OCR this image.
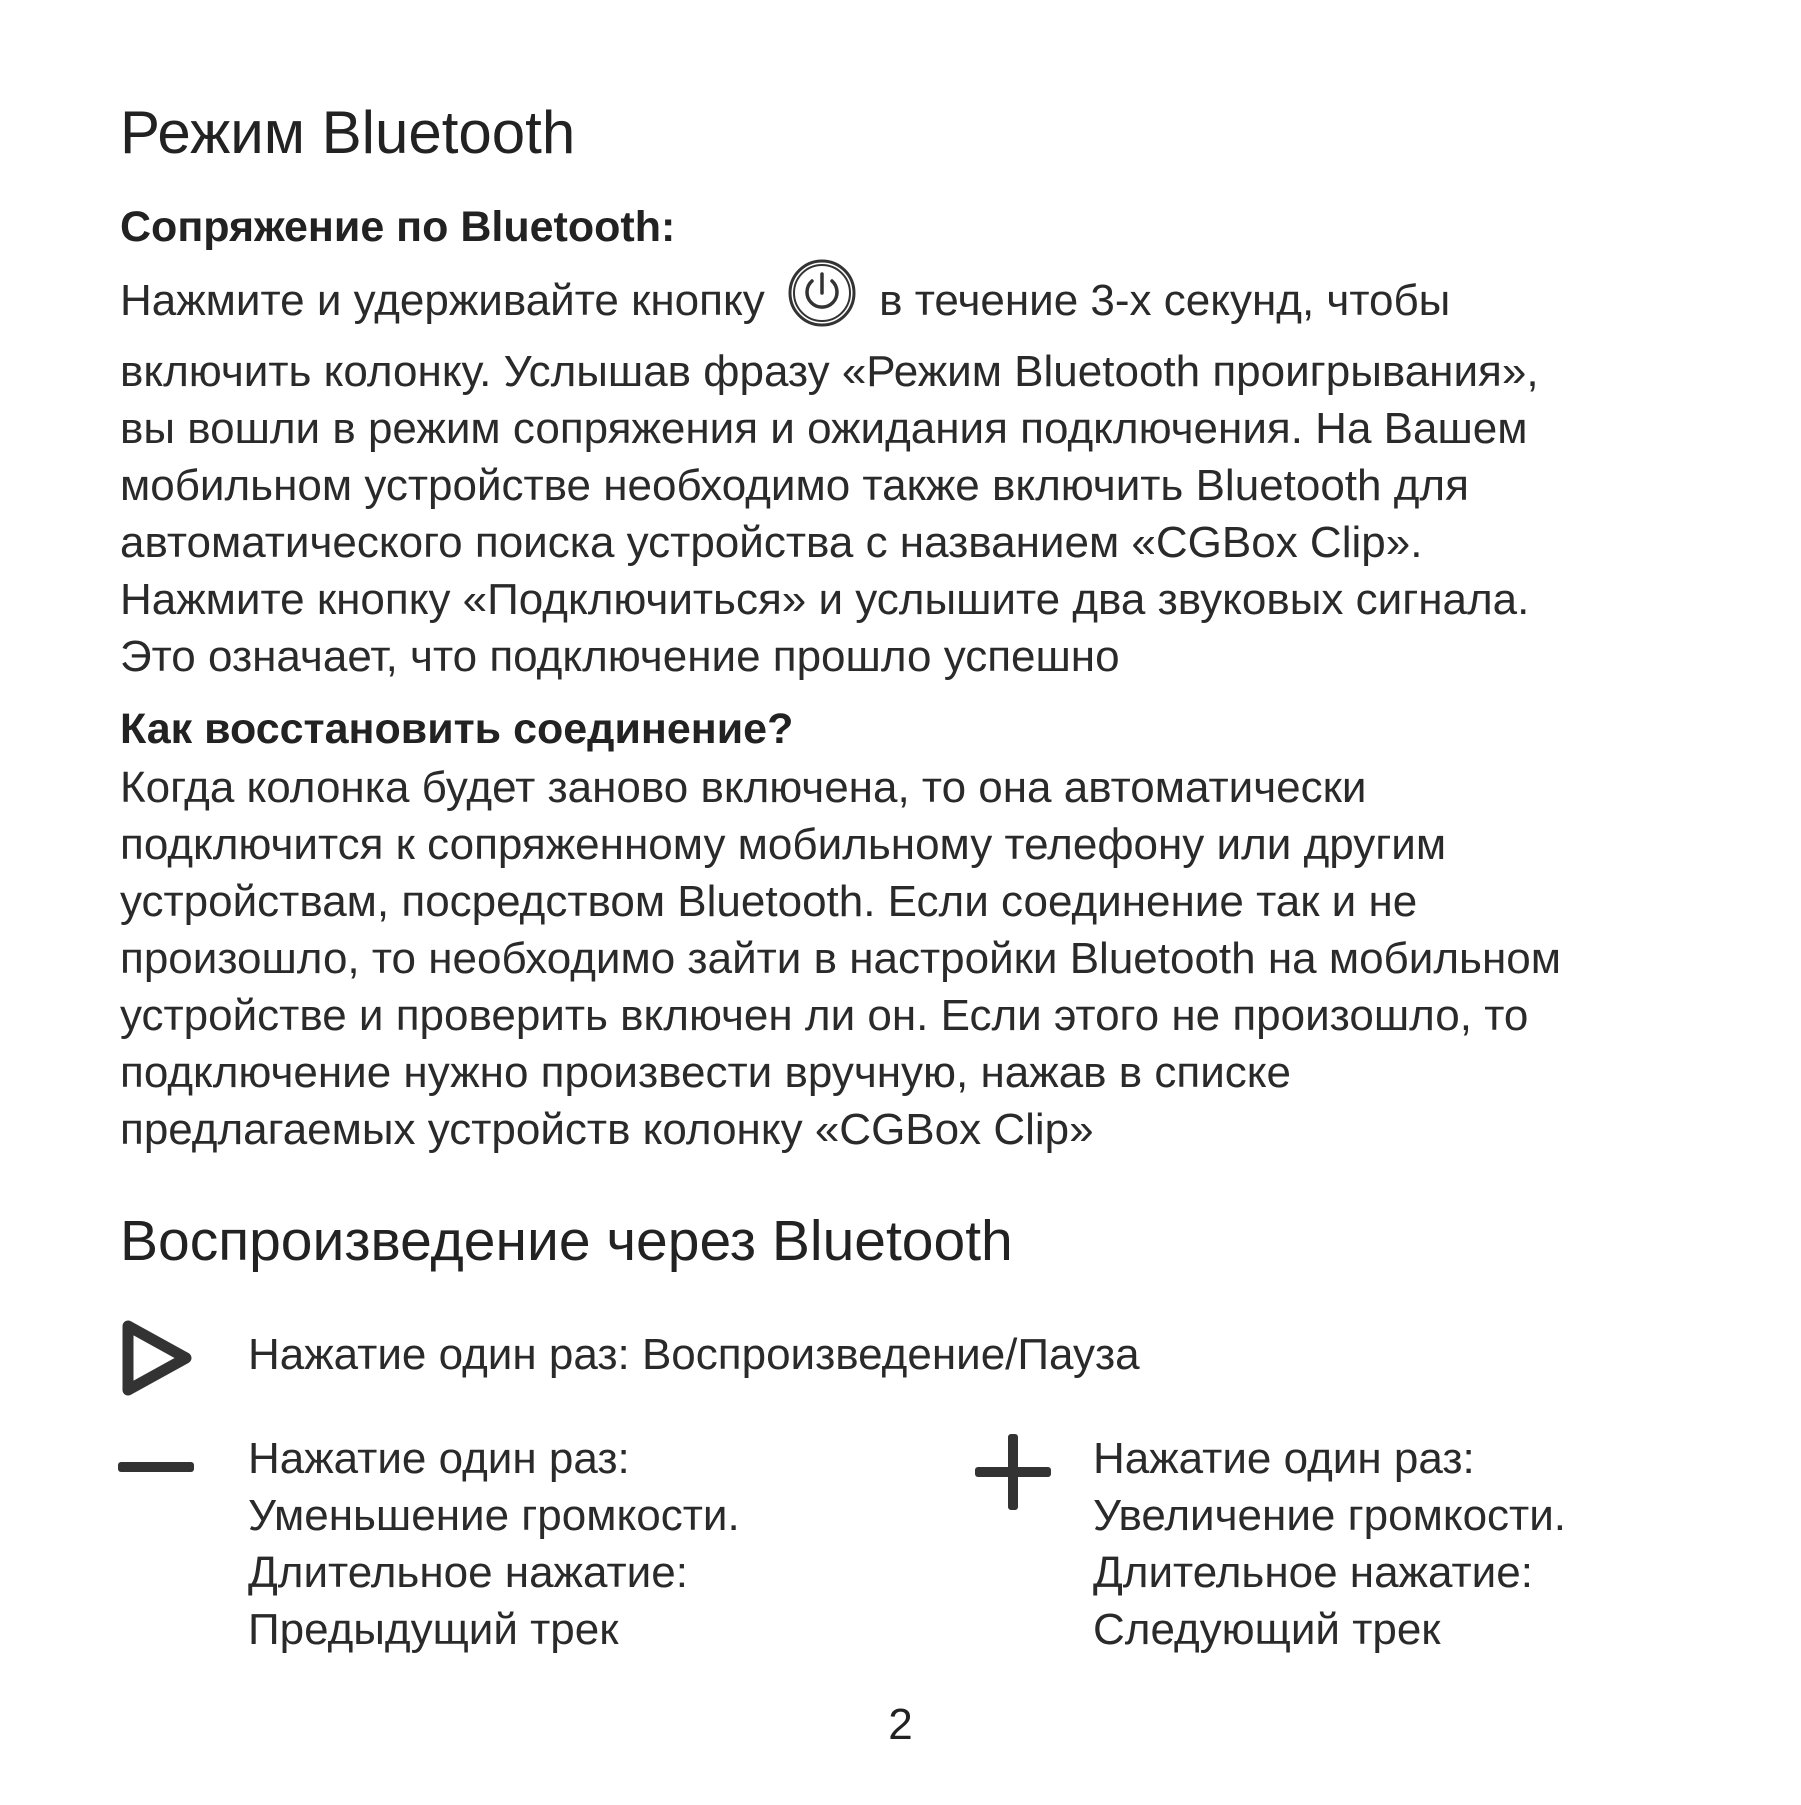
Режим Bluetooth
Сопряжение по Bluetooth:
Нажмите и удерживайте кнопку	в течение 3-х секунд, чтобы
включить колонку. Услышав фразу «Режим Bluetooth проигрывания»,
вы вошли в режим сопряжения и ожидания подключения. На Вашем
мобильном устройстве необходимо также включить Bluetooth для
автоматического поиска устройства с названием «CGBox Clip».
Нажмите кнопку «Подключиться» и услышите два звуковых сигнала.
Это означает, что подключение прошло успешно
Как восстановить соединение?
Когда колонка будет заново включена, то она автоматически
подключится к сопряженному мобильному телефону или другим
устройствам, посредством Bluetooth. Если соединение так и не
произошло, то необходимо зайти в настройки Bluetooth на мобильном
устройстве и проверить включен ли он. Если этого не произошло, то
подключение нужно произвести вручную, нажав в списке
предлагаемых устройств колонку «CGBox Clip»
Воспроизведение через Bluetooth
Нажатие один раз: Воспроизведение/Пауза
Нажатие один раз:
Уменьшение громкости.
Длительное нажатие:
Предыдущий трек
Нажатие один раз:
Увеличение громкости.
Длительное нажатие:
Следующий трек
2
